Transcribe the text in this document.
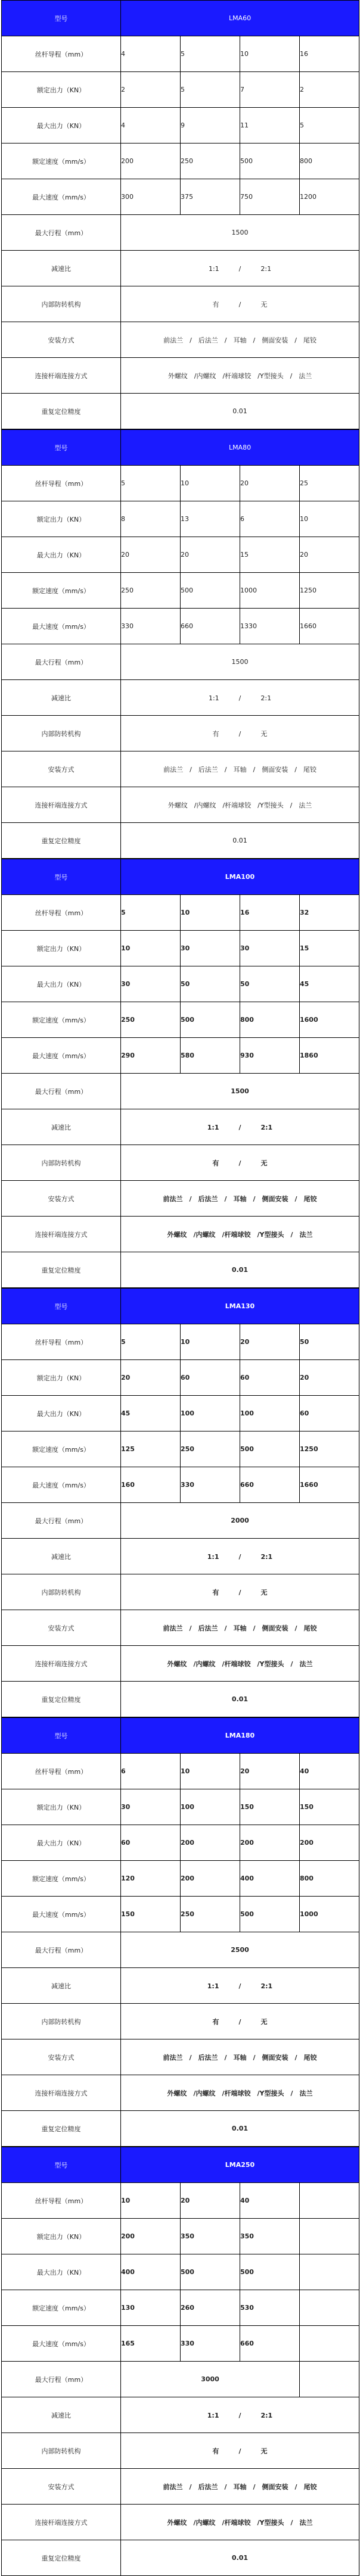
型号	LMA60			
丝杆导程（mm）	4	5	10	16
额定出力（KN）	2	5	7	2
最大出力（KN）	4	9	11	5
额定速度（mm/s）	200	250	500	800
最大速度（mm/s）	300	375	750	1200
最大行程（mm）	1500			
减速比	1:1　　　/　　　2:1			
内部防转机构	有　　　/　　　无			
安装方式	前法兰　/　后法兰　/　耳轴　/　侧面安装　/　尾铰			
连接杆端连接方式	外螺纹　/内螺纹　/杆端球铰　/Y型接头　/　法兰			
重复定位精度	0.01			
型号	LMA80			
丝杆导程（mm）	5	10	20	25
额定出力（KN）	8	13	6	10
最大出力（KN）	20	20	15	20
额定速度（mm/s）	250	500	1000	1250
最大速度（mm/s）	330	660	1330	1660
最大行程（mm）	1500			
减速比	1:1　　　/　　　2:1			
内部防转机构	有　　　/　　　无			
安装方式	前法兰　/　后法兰　/　耳轴　/　侧面安装　/　尾铰			
连接杆端连接方式	外螺纹　/内螺纹　/杆端球铰　/Y型接头　/　法兰			
重复定位精度	0.01			
型号	LMA100			
丝杆导程（mm）	5	10	16	32
额定出力（KN）	10	30	30	15
最大出力（KN）	30	50	50	45
额定速度（mm/s）	250	500	800	1600
最大速度（mm/s）	290	580	930	1860
最大行程（mm）	1500			
减速比	1:1　　　/　　　2:1			
内部防转机构	有　　　/　　　无			
安装方式	前法兰　/　后法兰　/　耳轴　/　侧面安装　/　尾铰			
连接杆端连接方式	外螺纹　/内螺纹　/杆端球铰　/Y型接头　/　法兰			
重复定位精度	0.01			
型号	LMA130			
丝杆导程（mm）	5	10	20	50
额定出力（KN）	20	60	60	20
最大出力（KN）	45	100	100	60
额定速度（mm/s）	125	250	500	1250
最大速度（mm/s）	160	330	660	1660
最大行程（mm）	2000			
减速比	1:1　　　/　　　2:1			
内部防转机构	有　　　/　　　无			
安装方式	前法兰　/　后法兰　/　耳轴　/　侧面安装　/　尾铰			
连接杆端连接方式	外螺纹　/内螺纹　/杆端球铰　/Y型接头　/　法兰			
重复定位精度	0.01			
型号	LMA180			
丝杆导程（mm）	6	10	20	40
额定出力（KN）	30	100	150	150
最大出力（KN）	60	200	200	200
额定速度（mm/s）	120	200	400	800
最大速度（mm/s）	150	250	500	1000
最大行程（mm）	2500			
减速比	1:1　　　/　　　2:1			
内部防转机构	有　　　/　　　无			
安装方式	前法兰　/　后法兰　/　耳轴　/　侧面安装　/　尾铰			
连接杆端连接方式	外螺纹　/内螺纹　/杆端球铰　/Y型接头　/　法兰			
重复定位精度	0.01			
型号	LMA250			
丝杆导程（mm）	10	20	40	
额定出力（KN）	200	350	350	
最大出力（KN）	400	500	500	
额定速度（mm/s）	130	260	530	
最大速度（mm/s）	165	330	660	
最大行程（mm）	3000			
减速比	1:1　　　/　　　2:1			
内部防转机构	有　　　/　　　无			
安装方式	前法兰　/　后法兰　/　耳轴　/　侧面安装　/　尾铰			
连接杆端连接方式	外螺纹　/内螺纹　/杆端球铰　/Y型接头　/　法兰			
重复定位精度	0.01			
